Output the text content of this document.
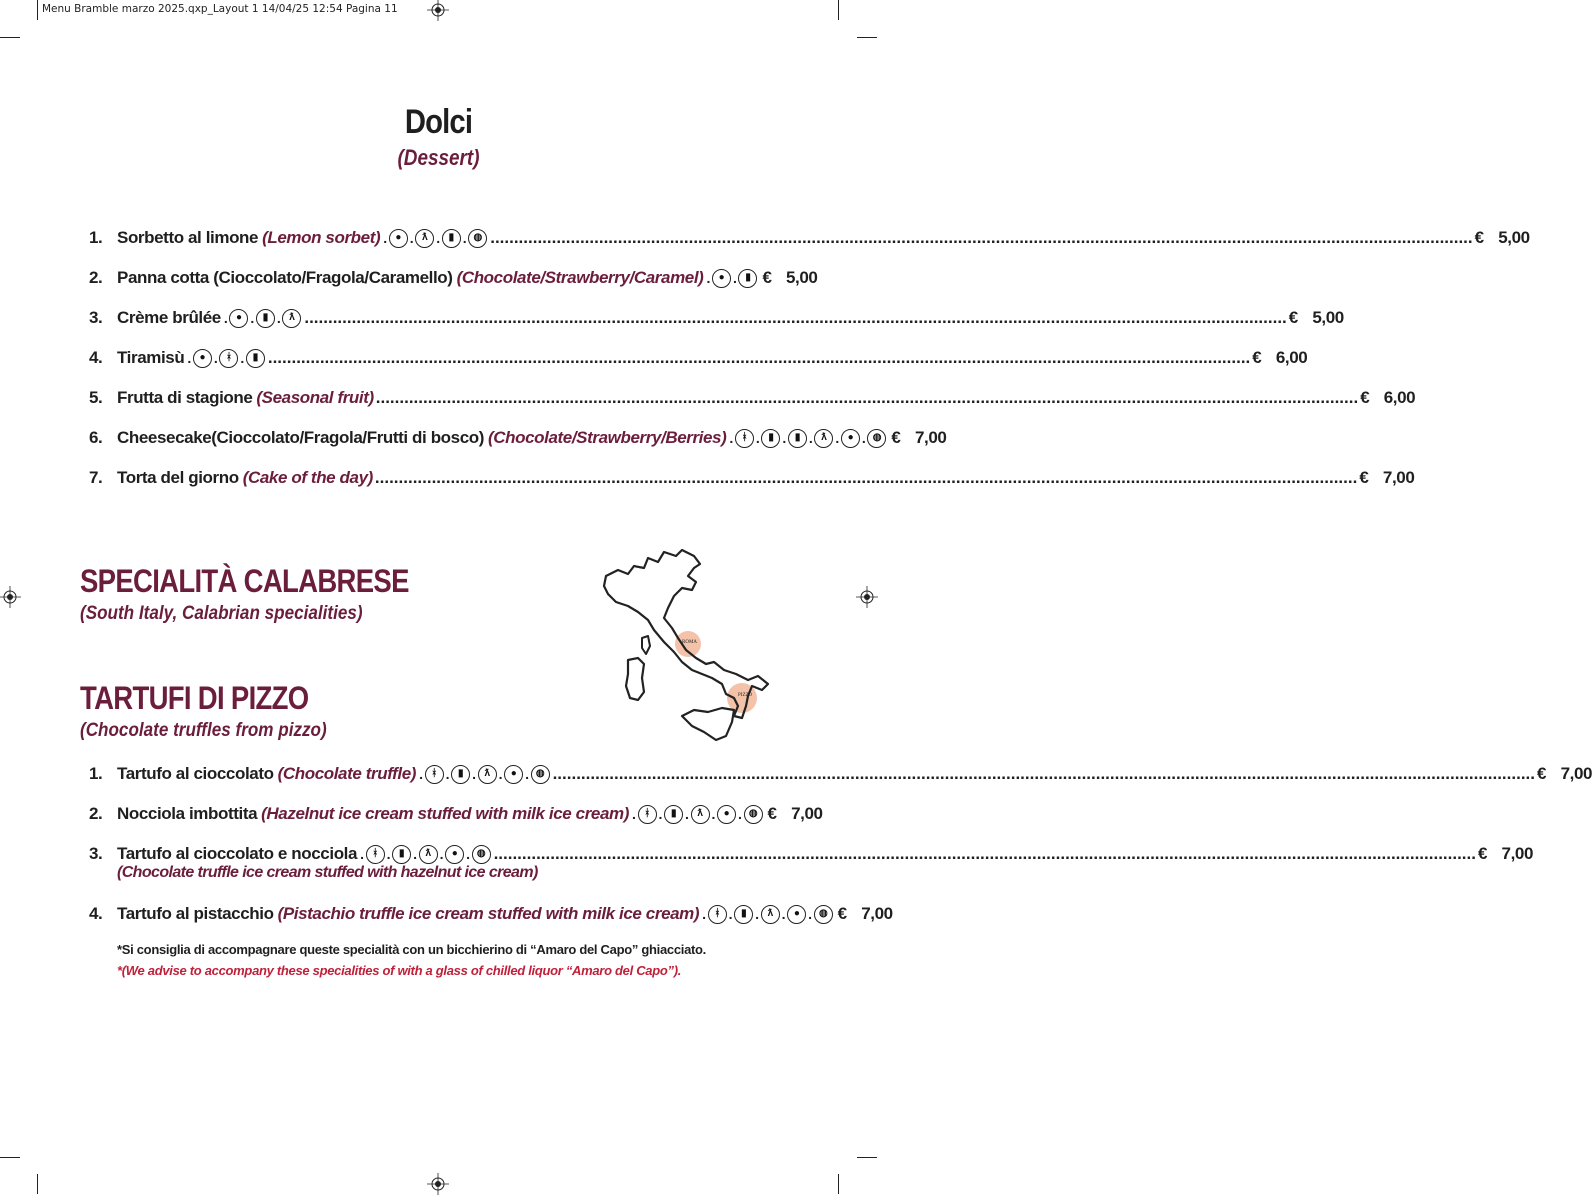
Menu Bramble marzo 2025.qxp_Layout 1 14/04/25 12:54 Pagina 11
Dolci
(Dessert)
1. Sorbetto al limone (Lemon sorbet) . ● . ƛ . ▮ . ◍ .....	€ 5,00
2. Panna cotta (Cioccolato/Fragola/Caramello) (Chocolate/Strawberry/Caramel) . ● . ▮ € 5,00
3. Crème brûlée . ● . ▮ . ƛ .....	€ 5,00
4. Tiramisù . ● . ᚼ . ▮ .....	€ 6,00
5. Frutta di stagione (Seasonal fruit) .....	€ 6,00
6. Cheesecake(Cioccolato/Fragola/Frutti di bosco) (Chocolate/Strawberry/Berries) . ᚼ . ▮ . ▮ . ƛ . ● . ◍ € 7,00
7. Torta del giorno (Cake of the day) .....	€ 7,00
SPECIALITÀ CALABRESE
(South Italy, Calabrian specialities)
TARTUFI DI PIZZO
(Chocolate truffles from pizzo)
1. Tartufo al cioccolato (Chocolate truffle) . ᚼ . ▮ . ƛ . ● . ◍ .....	€ 7,00
2. Nocciola imbottita (Hazelnut ice cream stuffed with milk ice cream) . ᚼ . ▮ . ƛ . ● . ◍ € 7,00
3. Tartufo al cioccolato e nocciola . ᚼ . ▮ . ƛ . ● . ◍ .....	€ 7,00
4. Tartufo al pistacchio (Pistachio truffle ice cream stuffed with milk ice cream) . ᚼ . ▮ . ƛ . ● . ◍ € 7,00
(Chocolate truffle ice cream stuffed with hazelnut ice cream)
*Si consiglia di accompagnare queste specialità con un bicchierino di “Amaro del Capo” ghiacciato.
*(We advise to accompany these specialities of with a glass of chilled liquor “Amaro del Capo”).
ROMA
PIZZO
